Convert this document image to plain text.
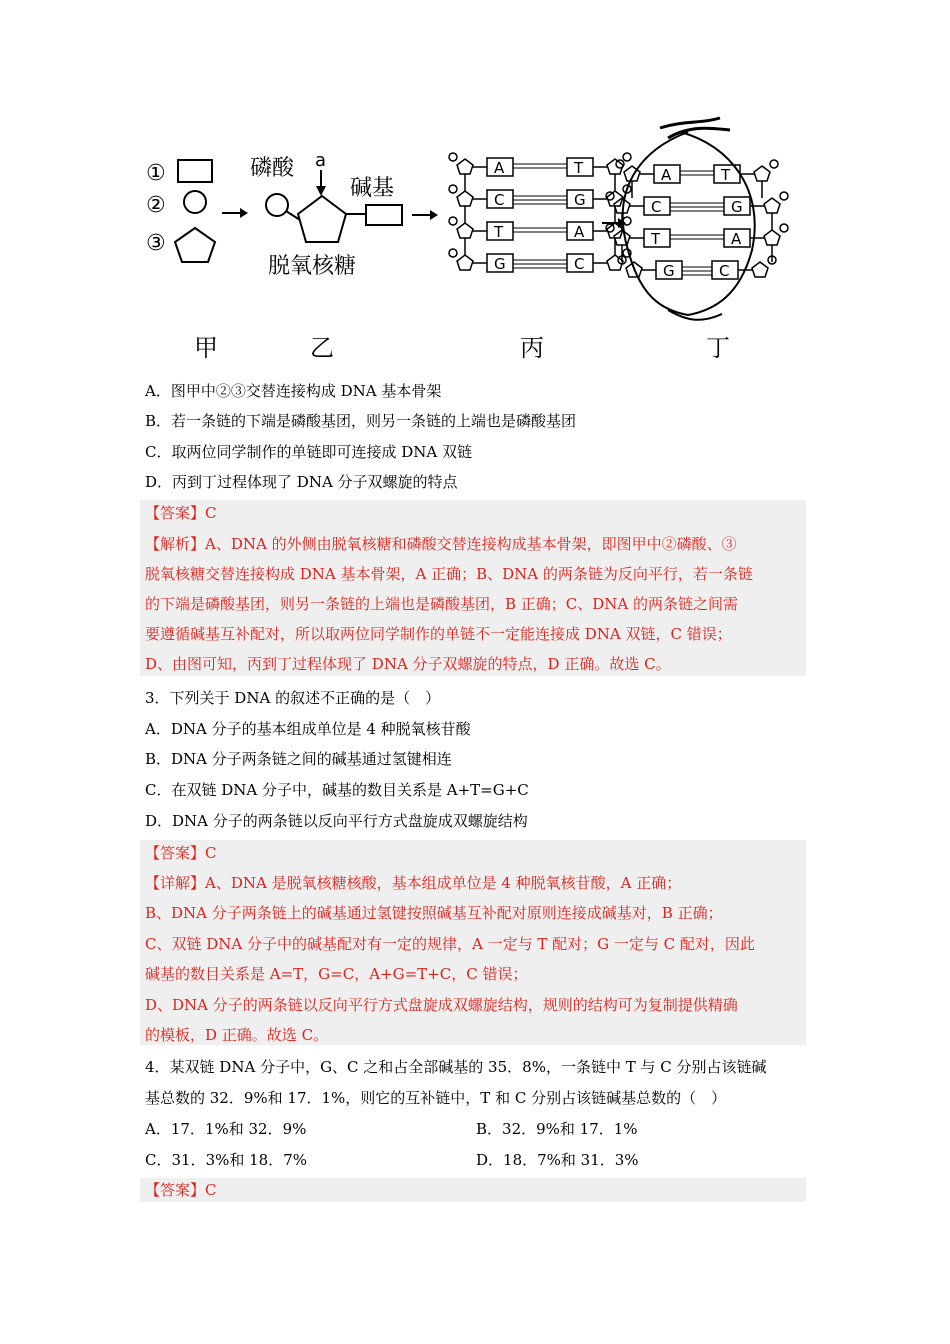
①
②
③
磷酸 a
碱基
脱氧核糖
A	T
C	G
T	A
G	C
A	T
C	G
T	A
G	C
甲	乙	丙	丁
A．图甲中②③交替连接构成 DNA 基本骨架
B．若一条链的下端是磷酸基团，则另一条链的上端也是磷酸基团
C．取两位同学制作的单链即可连接成 DNA 双链
D．丙到丁过程体现了 DNA 分子双螺旋的特点
【答案】C
【解析】A、DNA 的外侧由脱氧核糖和磷酸交替连接构成基本骨架，即图甲中②磷酸、③
脱氧核糖交替连接构成 DNA 基本骨架，A 正确；B、DNA 的两条链为反向平行，若一条链
的下端是磷酸基团，则另一条链的上端也是磷酸基团，B 正确；C、DNA 的两条链之间需
要遵循碱基互补配对，所以取两位同学制作的单链不一定能连接成 DNA 双链，C 错误；
D、由图可知，丙到丁过程体现了 DNA 分子双螺旋的特点，D 正确。故选 C。
3．下列关于 DNA 的叙述不正确的是（　）
A．DNA 分子的基本组成单位是 4 种脱氧核苷酸
B．DNA 分子两条链之间的碱基通过氢键相连
C．在双链 DNA 分子中，碱基的数目关系是 A+T=G+C
D．DNA 分子的两条链以反向平行方式盘旋成双螺旋结构
【答案】C
【详解】A、DNA 是脱氧核糖核酸，基本组成单位是 4 种脱氧核苷酸，A 正确；
B、DNA 分子两条链上的碱基通过氢键按照碱基互补配对原则连接成碱基对，B 正确；
C、双链 DNA 分子中的碱基配对有一定的规律，A 一定与 T 配对；G 一定与 C 配对，因此
碱基的数目关系是 A=T，G=C，A+G=T+C，C 错误；
D、DNA 分子的两条链以反向平行方式盘旋成双螺旋结构，规则的结构可为复制提供精确
的模板，D 正确。故选 C。
4．某双链 DNA 分子中，G、C 之和占全部碱基的 35．8%，一条链中 T 与 C 分别占该链碱
基总数的 32．9%和 17．1%，则它的互补链中，T 和 C 分别占该链碱基总数的（　）
A．17．1%和 32．9%	B．32．9%和 17．1%
C．31．3%和 18．7%	D．18．7%和 31．3%
【答案】C
